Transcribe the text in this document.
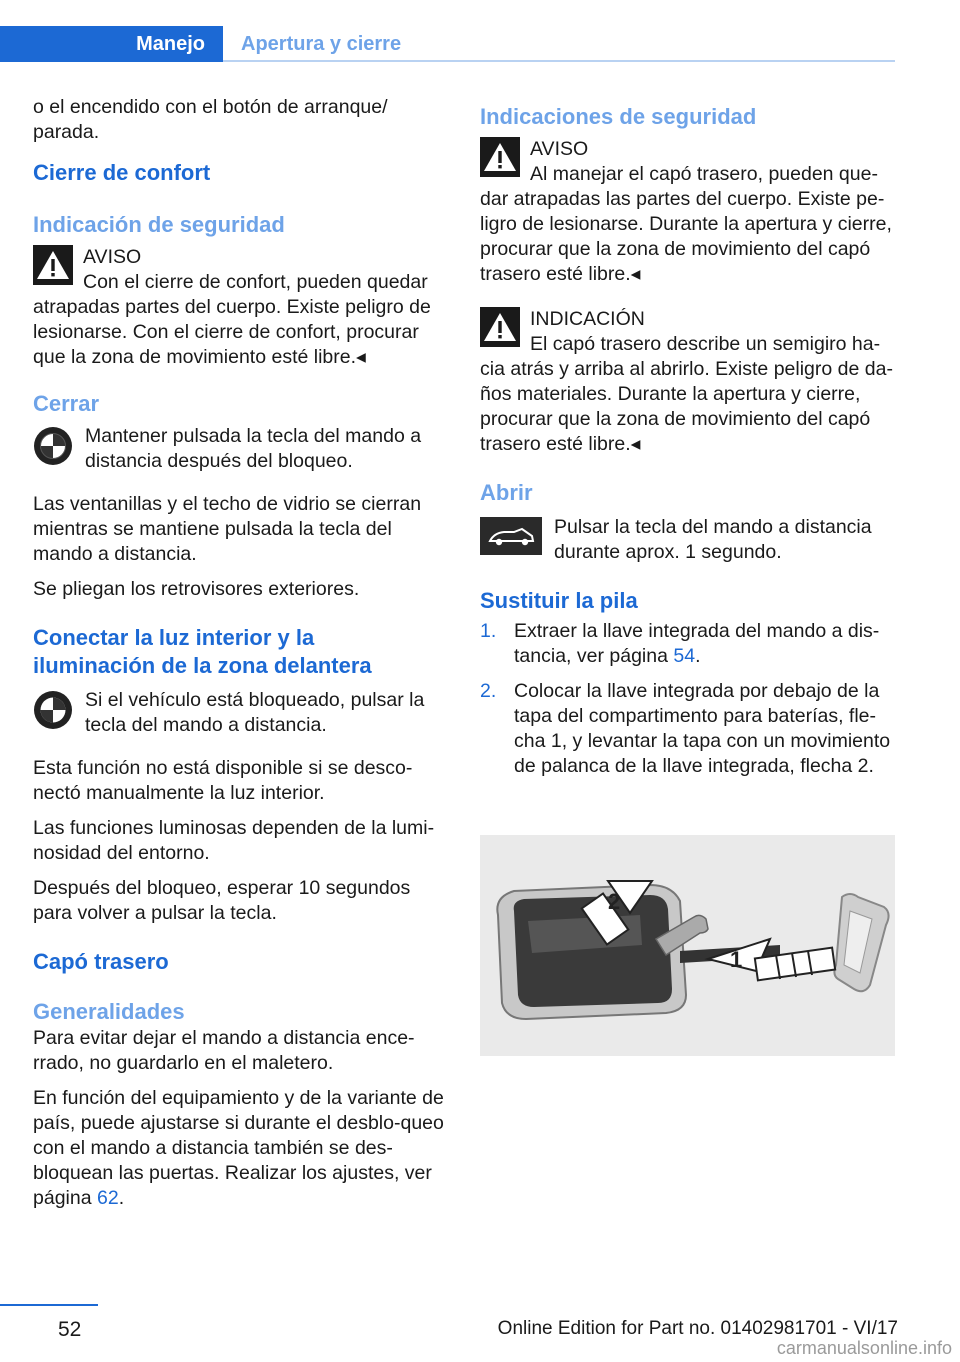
Manejo	Apertura y cierre

o el encendido con el botón de arranque/ parada.

Cierre de confort
Indicación de seguridad

AVISO

Con el cierre de confort, pueden quedar atrapadas partes del cuerpo. Existe peligro de lesionarse. Con el cierre de confort, procurar que la zona de movimiento esté libre.◂

Cerrar

Mantener pulsada la tecla del mando a distancia después del bloqueo.

Las ventanillas y el techo de vidrio se cierran mientras se mantiene pulsada la tecla del mando a distancia.

Se pliegan los retrovisores exteriores.

Conectar la luz interior y la iluminación de la zona delantera

Si el vehículo está bloqueado, pulsar la tecla del mando a distancia.

Esta función no está disponible si se desco-nectó manualmente la luz interior.

Las funciones luminosas dependen de la lumi-nosidad del entorno.

Después del bloqueo, esperar 10 segundos para volver a pulsar la tecla.

Capó trasero
Generalidades

Para evitar dejar el mando a distancia ence-rrado, no guardarlo en el maletero.

En función del equipamiento y de la variante de país, puede ajustarse si durante el desblo-queo con el mando a distancia también se des-bloquean las puertas. Realizar los ajustes, ver página 62.

Indicaciones de seguridad

AVISO

Al manejar el capó trasero, pueden que-dar atrapadas las partes del cuerpo. Existe pe-ligro de lesionarse. Durante la apertura y cierre, procurar que la zona de movimiento del capó trasero esté libre.◂

INDICACIÓN

El capó trasero describe un semigiro ha-cia atrás y arriba al abrirlo. Existe peligro de da-ños materiales. Durante la apertura y cierre, procurar que la zona de movimiento del capó trasero esté libre.◂

Abrir

Pulsar la tecla del mando a distancia durante aprox. 1 segundo.

Sustituir la pila
1. Extraer la llave integrada del mando a dis-tancia, ver página 54.
2. Colocar la llave integrada por debajo de la tapa del compartimento para baterías, fle-cha 1, y levantar la tapa con un movimiento de palanca de la llave integrada, flecha 2.
2
1
52	Online Edition for Part no. 01402981701 - VI/17
carmanualsonline.info
